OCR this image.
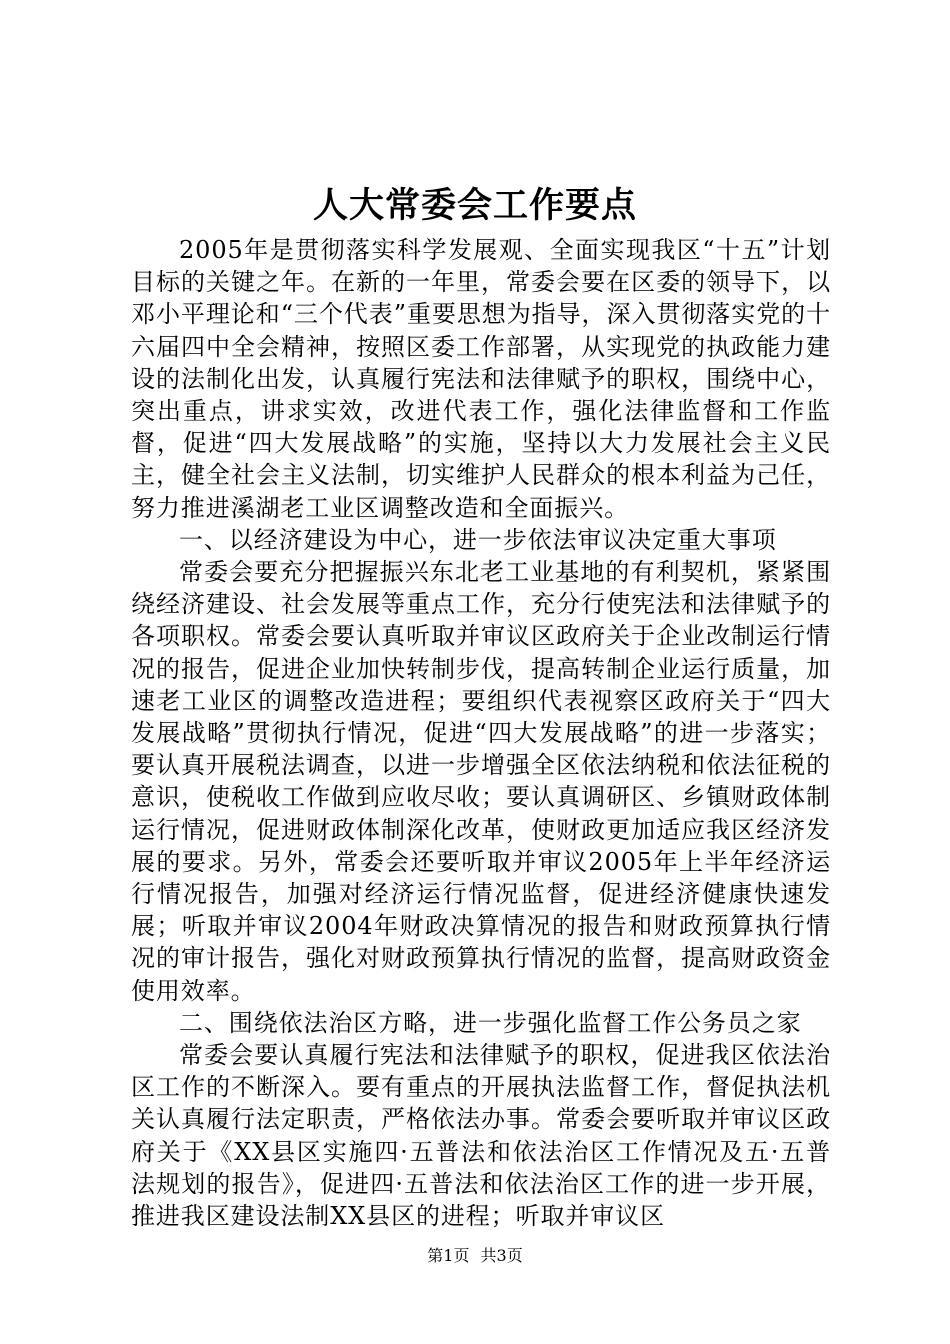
人大常委会工作要点

2005年是贯彻落实科学发展观、全面实现我区“十五”计划目标的关键之年。在新的一年里，常委会要在区委的领导下，以邓小平理论和“三个代表”重要思想为指导，深入贯彻落实党的十六届四中全会精神，按照区委工作部署，从实现党的执政能力建设的法制化出发，认真履行宪法和法律赋予的职权，围绕中心，突出重点，讲求实效，改进代表工作，强化法律监督和工作监督，促进“四大发展战略”的实施，坚持以大力发展社会主义民主，健全社会主义法制，切实维护人民群众的根本利益为己任，努力推进溪湖老工业区调整改造和全面振兴。

一、以经济建设为中心，进一步依法审议决定重大事项

常委会要充分把握振兴东北老工业基地的有利契机，紧紧围绕经济建设、社会发展等重点工作，充分行使宪法和法律赋予的各项职权。常委会要认真听取并审议区政府关于企业改制运行情况的报告，促进企业加快转制步伐，提高转制企业运行质量，加速老工业区的调整改造进程；要组织代表视察区政府关于“四大发展战略”贯彻执行情况，促进“四大发展战略”的进一步落实；要认真开展税法调查，以进一步增强全区依法纳税和依法征税的意识，使税收工作做到应收尽收；要认真调研区、乡镇财政体制运行情况，促进财政体制深化改革，使财政更加适应我区经济发展的要求。另外，常委会还要听取并审议2005年上半年经济运行情况报告，加强对经济运行情况监督，促进经济健康快速发展；听取并审议2004年财政决算情况的报告和财政预算执行情况的审计报告，强化对财政预算执行情况的监督，提高财政资金使用效率。

二、围绕依法治区方略，进一步强化监督工作公务员之家

常委会要认真履行宪法和法律赋予的职权，促进我区依法治区工作的不断深入。要有重点的开展执法监督工作，督促执法机关认真履行法定职责，严格依法办事。常委会要听取并审议区政府关于《XX县区实施四·五普法和依法治区工作情况及五·五普法规划的报告》，促进四·五普法和依法治区工作的进一步开展，推进我区建设法制XX县区的进程；听取并审议区

第1页 共3页
